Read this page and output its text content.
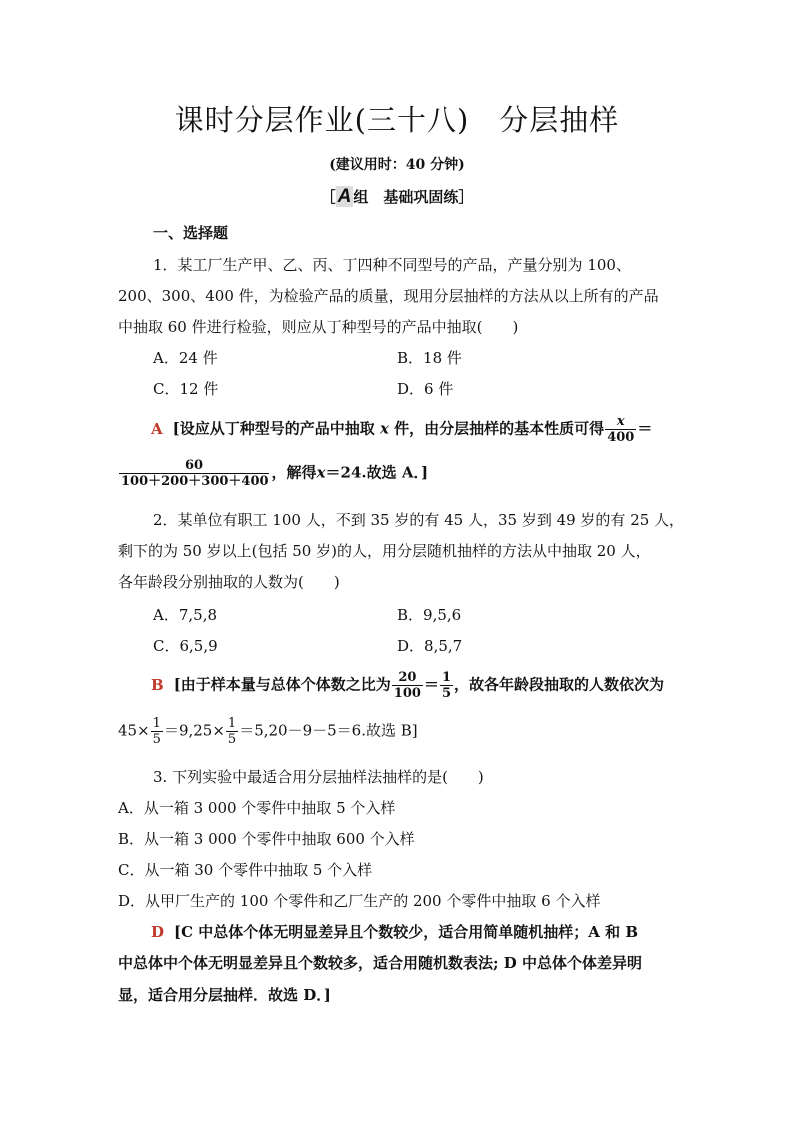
课时分层作业(三十八)　分层抽样
(建议用时：40 分钟)
［ A 组　基础巩固练］
一、选择题
1．某工厂生产甲、乙、丙、丁四种不同型号的产品，产量分别为 100、
200、300、400 件，为检验产品的质量，现用分层抽样的方法从以上所有的产品
中抽取 60 件进行检验，则应从丁种型号的产品中抽取(　　)
A．24 件	B．18 件
C．12 件	D．6 件
A [设应从丁种型号的产品中抽取 x 件，由分层抽样的基本性质可得 $\frac{x}{400}$ ＝
$\frac{60}{100+200+300+400}$ ，解得x＝24.故选 A．]
2．某单位有职工 100 人，不到 35 岁的有 45 人，35 岁到 49 岁的有 25 人，
剩下的为 50 岁以上(包括 50 岁)的人，用分层随机抽样的方法从中抽取 20 人，
各年龄段分别抽取的人数为(　　)
A．7,5,8	B．9,5,6
C．6,5,9	D．8,5,7
B [由于样本量与总体个体数之比为 $\frac{20}{100} = \frac{1}{5}$ ，故各年龄段抽取的人数依次为
$45\times \frac{1}{5} =9,25\times \frac{1}{5} =5,20-9-5=6$.故选 B]
3. 下列实验中最适合用分层抽样法抽样的是(　　)
A．从一箱 3 000 个零件中抽取 5 个入样
B．从一箱 3 000 个零件中抽取 600 个入样
C．从一箱 30 个零件中抽取 5 个入样
D．从甲厂生产的 100 个零件和乙厂生产的 200 个零件中抽取 6 个入样
D [C 中总体个体无明显差异且个数较少，适合用简单随机抽样；A 和 B
中总体中个体无明显差异且个数较多，适合用随机数表法; D 中总体个体差异明
显，适合用分层抽样．故选 D．]
